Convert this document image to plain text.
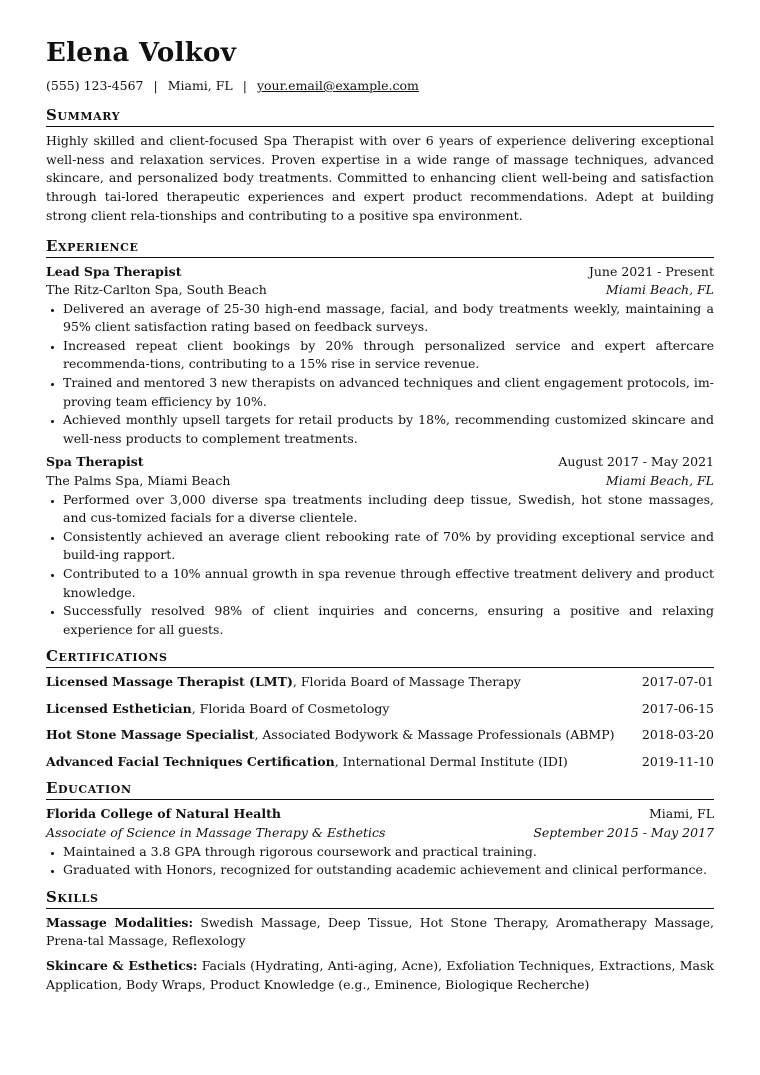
Elena Volkov
(555) 123-4567 | Miami, FL | your.email@example.com
Summary
Highly skilled and client-focused Spa Therapist with over 6 years of experience delivering exceptional well-ness and relaxation services. Proven expertise in a wide range of massage techniques, advanced skincare, and personalized body treatments. Committed to enhancing client well-being and satisfaction through tai-lored therapeutic experiences and expert product recommendations. Adept at building strong client rela-tionships and contributing to a positive spa environment.
Experience
Lead Spa Therapist	June 2021 - Present
The Ritz-Carlton Spa, South Beach	Miami Beach, FL
• Delivered an average of 25-30 high-end massage, facial, and body treatments weekly, maintaining a 95% client satisfaction rating based on feedback surveys.
• Increased repeat client bookings by 20% through personalized service and expert aftercare recommenda-tions, contributing to a 15% rise in service revenue.
• Trained and mentored 3 new therapists on advanced techniques and client engagement protocols, im-proving team efficiency by 10%.
• Achieved monthly upsell targets for retail products by 18%, recommending customized skincare and well-ness products to complement treatments.
Spa Therapist	August 2017 - May 2021
The Palms Spa, Miami Beach	Miami Beach, FL
• Performed over 3,000 diverse spa treatments including deep tissue, Swedish, hot stone massages, and cus-tomized facials for a diverse clientele.
• Consistently achieved an average client rebooking rate of 70% by providing exceptional service and build-ing rapport.
• Contributed to a 10% annual growth in spa revenue through effective treatment delivery and product knowledge.
• Successfully resolved 98% of client inquiries and concerns, ensuring a positive and relaxing experience for all guests.
Certifications
Licensed Massage Therapist (LMT), Florida Board of Massage Therapy	2017-07-01
Licensed Esthetician, Florida Board of Cosmetology	2017-06-15
Hot Stone Massage Specialist, Associated Bodywork & Massage Professionals (ABMP) 2018-03-20
Advanced Facial Techniques Certification, International Dermal Institute (IDI)	2019-11-10
Education
Florida College of Natural Health	Miami, FL
Associate of Science in Massage Therapy & Esthetics	September 2015 - May 2017
• Maintained a 3.8 GPA through rigorous coursework and practical training.
• Graduated with Honors, recognized for outstanding academic achievement and clinical performance.
Skills
Massage Modalities: Swedish Massage, Deep Tissue, Hot Stone Therapy, Aromatherapy Massage, Prena-tal Massage, Reflexology
Skincare & Esthetics: Facials (Hydrating, Anti-aging, Acne), Exfoliation Techniques, Extractions, Mask Application, Body Wraps, Product Knowledge (e.g., Eminence, Biologique Recherche)
